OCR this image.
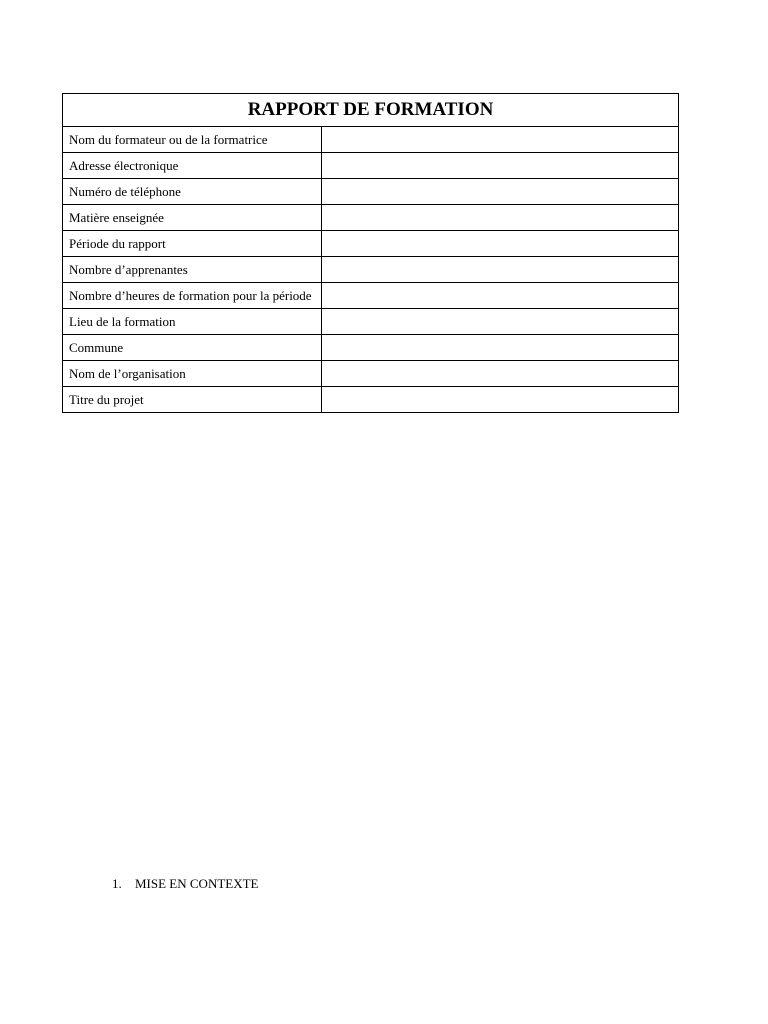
RAPPORT DE FORMATION	
Nom du formateur ou de la formatrice	
Adresse électronique	
Numéro de téléphone	
Matière enseignée	
Période du rapport	
Nombre d’apprenantes	
Nombre d’heures de formation pour la période	
Lieu de la formation	
Commune	
Nom de l’organisation	
Titre du projet	
1. MISE EN CONTEXTE
